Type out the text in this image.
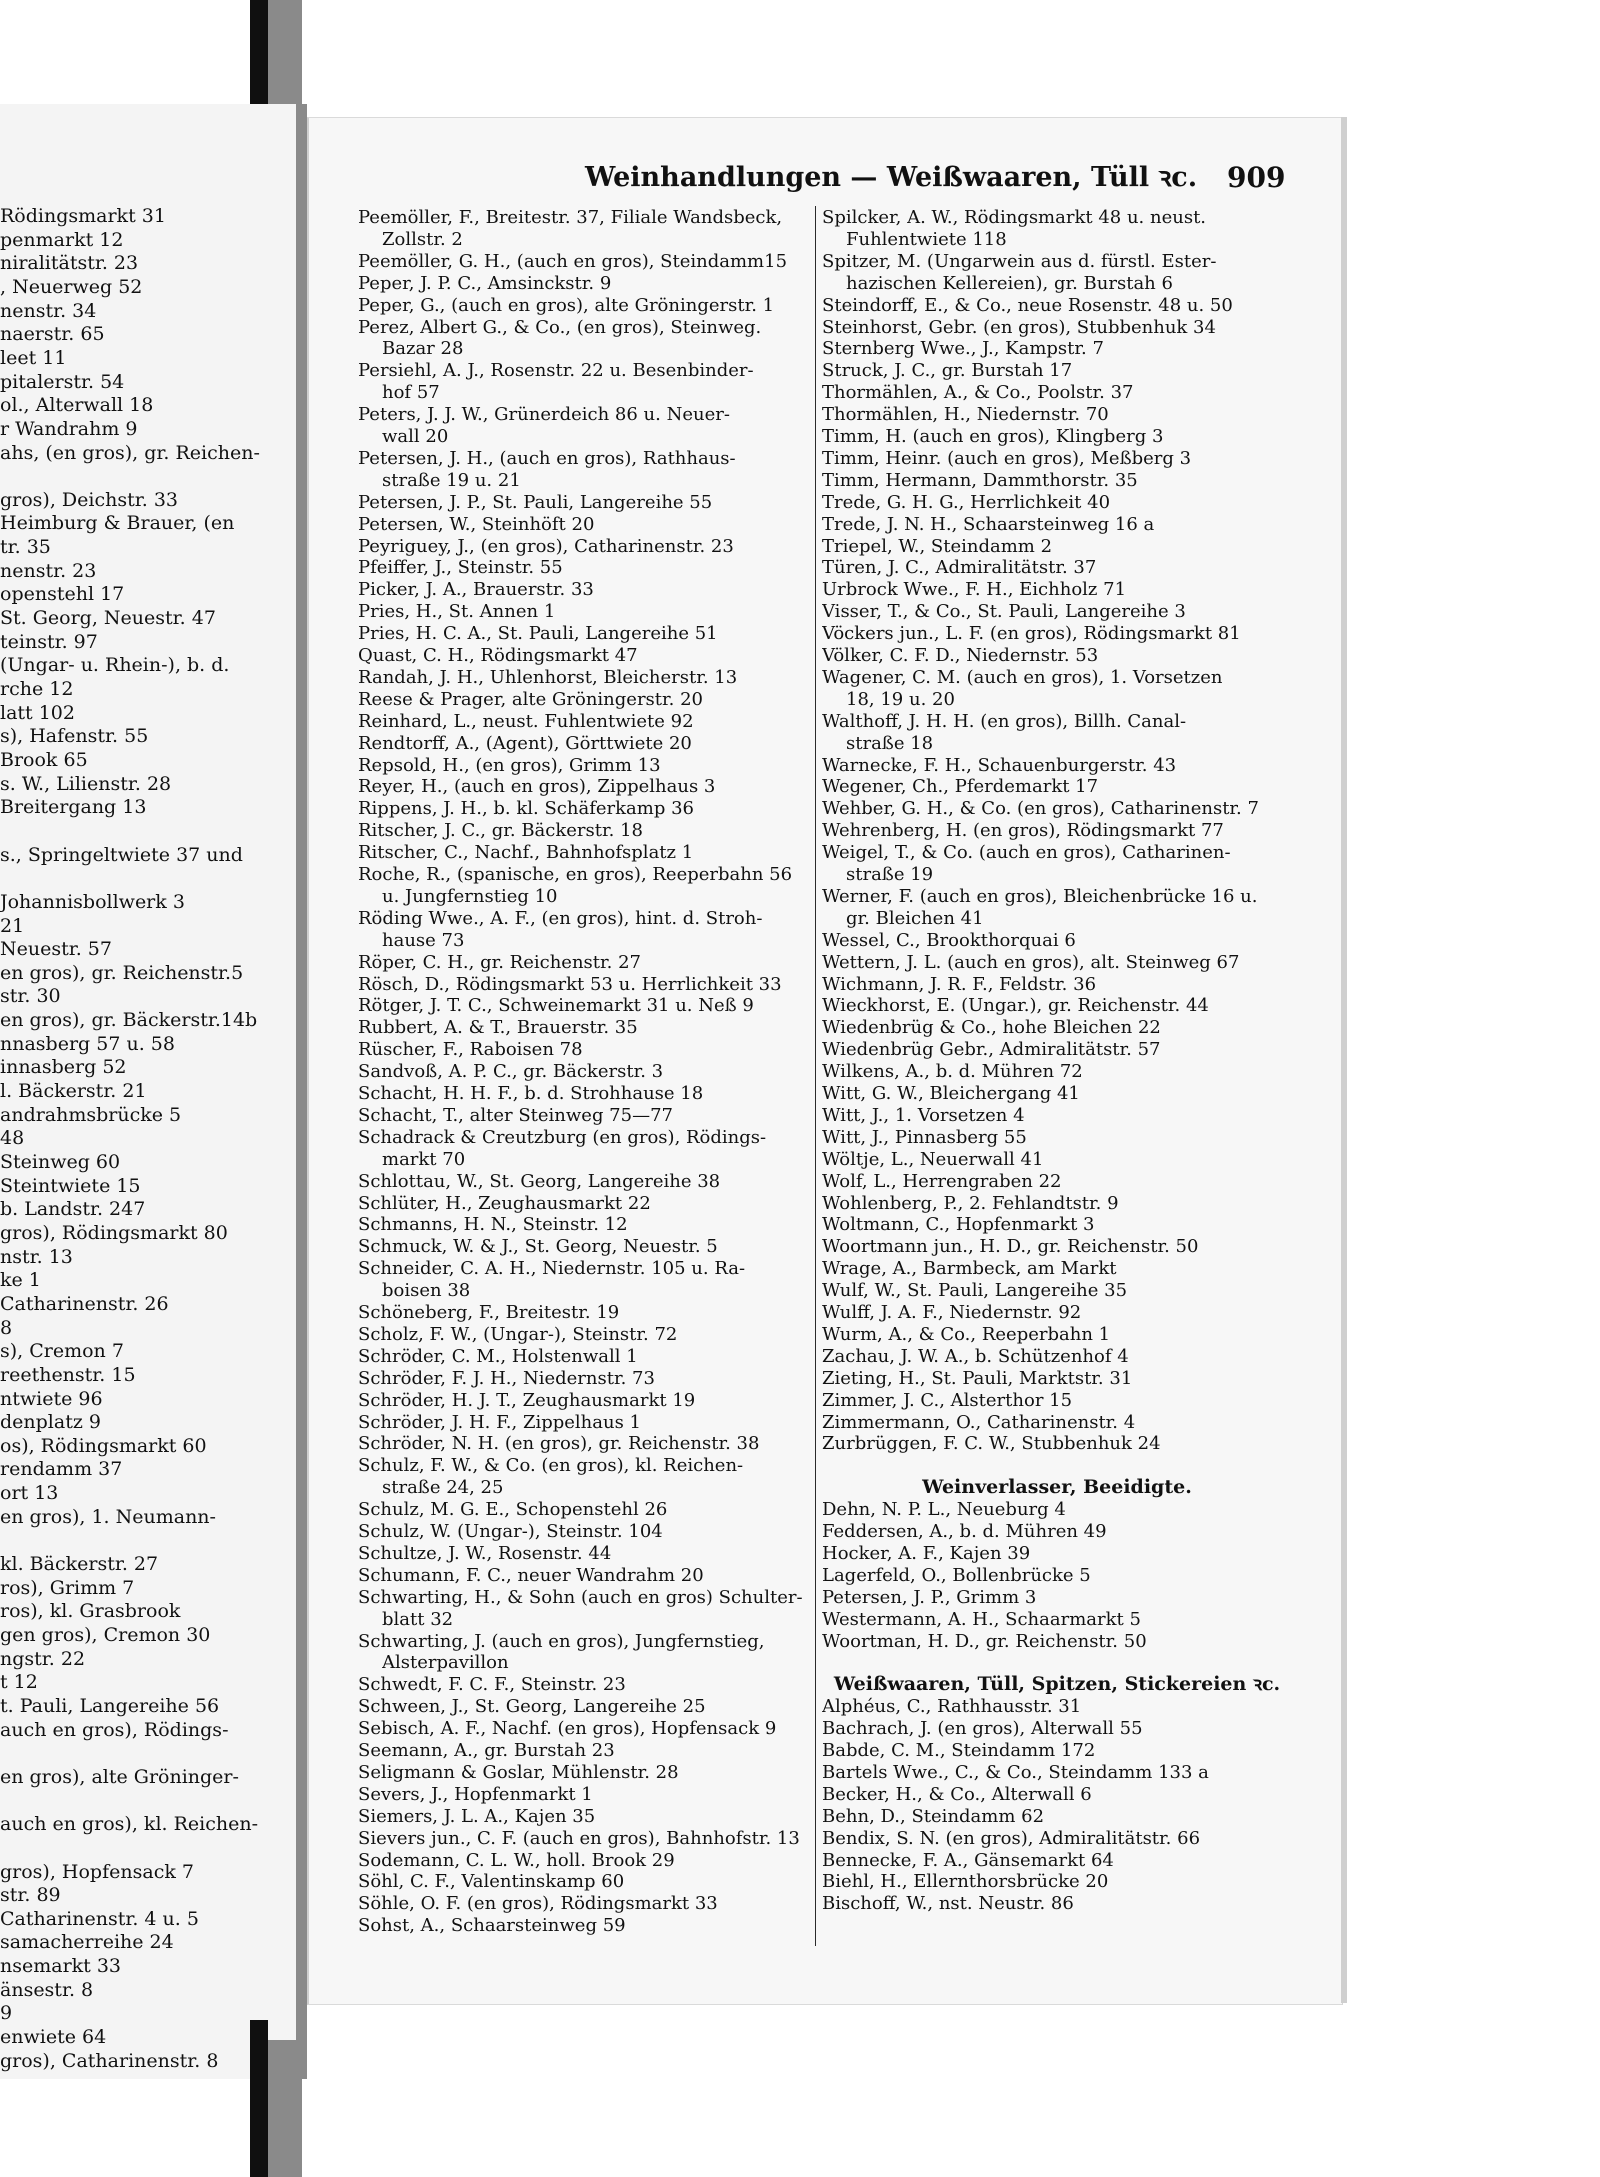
Rödingsmarkt 31
penmarkt 12
niralitätstr. 23
, Neuerweg 52
nenstr. 34
naerstr. 65
leet 11
pitalerstr. 54
ol., Alterwall 18
r Wandrahm 9
ahs, (en gros), gr. Reichen-
gros), Deichstr. 33
Heimburg & Brauer, (en
tr. 35
nenstr. 23
openstehl 17
St. Georg, Neuestr. 47
teinstr. 97
(Ungar- u. Rhein-), b. d.
rche 12
latt 102
s), Hafenstr. 55
Brook 65
s. W., Lilienstr. 28
Breitergang 13
s., Springeltwiete 37 und
Johannisbollwerk 3
21
Neuestr. 57
en gros), gr. Reichenstr.5
str. 30
en gros), gr. Bäckerstr.14b
nnasberg 57 u. 58
innasberg 52
l. Bäckerstr. 21
andrahmsbrücke 5
48
Steinweg 60
Steintwiete 15
b. Landstr. 247
gros), Rödingsmarkt 80
nstr. 13
ke 1
Catharinenstr. 26
8
s), Cremon 7
reethenstr. 15
ntwiete 96
denplatz 9
os), Rödingsmarkt 60
rendamm 37
ort 13
en gros), 1. Neumann-
kl. Bäckerstr. 27
ros), Grimm 7
ros), kl. Grasbrook
gen gros), Cremon 30
ngstr. 22
t 12
t. Pauli, Langereihe 56
auch en gros), Rödings-
en gros), alte Gröninger-
auch en gros), kl. Reichen-
gros), Hopfensack 7
str. 89
Catharinenstr. 4 u. 5
samacherreihe 24
nsemarkt 33
änsestr. 8
9
enwiete 64
gros), Catharinenstr. 8
Weinhandlungen — Weißwaaren, Tüll ꝛc. 909
Peemöller, F., Breitestr. 37, Filiale Wandsbeck,
Zollstr. 2
Peemöller, G. H., (auch en gros), Steindamm15
Peper, J. P. C., Amsinckstr. 9
Peper, G., (auch en gros), alte Gröningerstr. 1
Perez, Albert G., & Co., (en gros), Steinweg.
Bazar 28
Persiehl, A. J., Rosenstr. 22 u. Besenbinder-
hof 57
Peters, J. J. W., Grünerdeich 86 u. Neuer-
wall 20
Petersen, J. H., (auch en gros), Rathhaus-
straße 19 u. 21
Petersen, J. P., St. Pauli, Langereihe 55
Petersen, W., Steinhöft 20
Peyriguey, J., (en gros), Catharinenstr. 23
Pfeiffer, J., Steinstr. 55
Picker, J. A., Brauerstr. 33
Pries, H., St. Annen 1
Pries, H. C. A., St. Pauli, Langereihe 51
Quast, C. H., Rödingsmarkt 47
Randah, J. H., Uhlenhorst, Bleicherstr. 13
Reese & Prager, alte Gröningerstr. 20
Reinhard, L., neust. Fuhlentwiete 92
Rendtorff, A., (Agent), Görttwiete 20
Repsold, H., (en gros), Grimm 13
Reyer, H., (auch en gros), Zippelhaus 3
Rippens, J. H., b. kl. Schäferkamp 36
Ritscher, J. C., gr. Bäckerstr. 18
Ritscher, C., Nachf., Bahnhofsplatz 1
Roche, R., (spanische, en gros), Reeperbahn 56
u. Jungfernstieg 10
Röding Wwe., A. F., (en gros), hint. d. Stroh-
hause 73
Röper, C. H., gr. Reichenstr. 27
Rösch, D., Rödingsmarkt 53 u. Herrlichkeit 33
Rötger, J. T. C., Schweinemarkt 31 u. Neß 9
Rubbert, A. & T., Brauerstr. 35
Rüscher, F., Raboisen 78
Sandvoß, A. P. C., gr. Bäckerstr. 3
Schacht, H. H. F., b. d. Strohhause 18
Schacht, T., alter Steinweg 75—77
Schadrack & Creutzburg (en gros), Rödings-
markt 70
Schlottau, W., St. Georg, Langereihe 38
Schlüter, H., Zeughausmarkt 22
Schmanns, H. N., Steinstr. 12
Schmuck, W. & J., St. Georg, Neuestr. 5
Schneider, C. A. H., Niedernstr. 105 u. Ra-
boisen 38
Schöneberg, F., Breitestr. 19
Scholz, F. W., (Ungar-), Steinstr. 72
Schröder, C. M., Holstenwall 1
Schröder, F. J. H., Niedernstr. 73
Schröder, H. J. T., Zeughausmarkt 19
Schröder, J. H. F., Zippelhaus 1
Schröder, N. H. (en gros), gr. Reichenstr. 38
Schulz, F. W., & Co. (en gros), kl. Reichen-
straße 24, 25
Schulz, M. G. E., Schopenstehl 26
Schulz, W. (Ungar-), Steinstr. 104
Schultze, J. W., Rosenstr. 44
Schumann, F. C., neuer Wandrahm 20
Schwarting, H., & Sohn (auch en gros) Schulter-
blatt 32
Schwarting, J. (auch en gros), Jungfernstieg,
Alsterpavillon
Schwedt, F. C. F., Steinstr. 23
Schween, J., St. Georg, Langereihe 25
Sebisch, A. F., Nachf. (en gros), Hopfensack 9
Seemann, A., gr. Burstah 23
Seligmann & Goslar, Mühlenstr. 28
Severs, J., Hopfenmarkt 1
Siemers, J. L. A., Kajen 35
Sievers jun., C. F. (auch en gros), Bahnhofstr. 13
Sodemann, C. L. W., holl. Brook 29
Söhl, C. F., Valentinskamp 60
Söhle, O. F. (en gros), Rödingsmarkt 33
Sohst, A., Schaarsteinweg 59
Spilcker, A. W., Rödingsmarkt 48 u. neust.
Fuhlentwiete 118
Spitzer, M. (Ungarwein aus d. fürstl. Ester-
hazischen Kellereien), gr. Burstah 6
Steindorff, E., & Co., neue Rosenstr. 48 u. 50
Steinhorst, Gebr. (en gros), Stubbenhuk 34
Sternberg Wwe., J., Kampstr. 7
Struck, J. C., gr. Burstah 17
Thormählen, A., & Co., Poolstr. 37
Thormählen, H., Niedernstr. 70
Timm, H. (auch en gros), Klingberg 3
Timm, Heinr. (auch en gros), Meßberg 3
Timm, Hermann, Dammthorstr. 35
Trede, G. H. G., Herrlichkeit 40
Trede, J. N. H., Schaarsteinweg 16 a
Triepel, W., Steindamm 2
Türen, J. C., Admiralitätstr. 37
Urbrock Wwe., F. H., Eichholz 71
Visser, T., & Co., St. Pauli, Langereihe 3
Vöckers jun., L. F. (en gros), Rödingsmarkt 81
Völker, C. F. D., Niedernstr. 53
Wagener, C. M. (auch en gros), 1. Vorsetzen
18, 19 u. 20
Walthoff, J. H. H. (en gros), Billh. Canal-
straße 18
Warnecke, F. H., Schauenburgerstr. 43
Wegener, Ch., Pferdemarkt 17
Wehber, G. H., & Co. (en gros), Catharinenstr. 7
Wehrenberg, H. (en gros), Rödingsmarkt 77
Weigel, T., & Co. (auch en gros), Catharinen-
straße 19
Werner, F. (auch en gros), Bleichenbrücke 16 u.
gr. Bleichen 41
Wessel, C., Brookthorquai 6
Wettern, J. L. (auch en gros), alt. Steinweg 67
Wichmann, J. R. F., Feldstr. 36
Wieckhorst, E. (Ungar.), gr. Reichenstr. 44
Wiedenbrüg & Co., hohe Bleichen 22
Wiedenbrüg Gebr., Admiralitätstr. 57
Wilkens, A., b. d. Mühren 72
Witt, G. W., Bleichergang 41
Witt, J., 1. Vorsetzen 4
Witt, J., Pinnasberg 55
Wöltje, L., Neuerwall 41
Wolf, L., Herrengraben 22
Wohlenberg, P., 2. Fehlandtstr. 9
Woltmann, C., Hopfenmarkt 3
Woortmann jun., H. D., gr. Reichenstr. 50
Wrage, A., Barmbeck, am Markt
Wulf, W., St. Pauli, Langereihe 35
Wulff, J. A. F., Niedernstr. 92
Wurm, A., & Co., Reeperbahn 1
Zachau, J. W. A., b. Schützenhof 4
Zieting, H., St. Pauli, Marktstr. 31
Zimmer, J. C., Alsterthor 15
Zimmermann, O., Catharinenstr. 4
Zurbrüggen, F. C. W., Stubbenhuk 24
Weinverlasser, Beeidigte.
Dehn, N. P. L., Neueburg 4
Feddersen, A., b. d. Mühren 49
Hocker, A. F., Kajen 39
Lagerfeld, O., Bollenbrücke 5
Petersen, J. P., Grimm 3
Westermann, A. H., Schaarmarkt 5
Woortman, H. D., gr. Reichenstr. 50
Weißwaaren, Tüll, Spitzen, Stickereien ꝛc.
Alphéus, C., Rathhausstr. 31
Bachrach, J. (en gros), Alterwall 55
Babde, C. M., Steindamm 172
Bartels Wwe., C., & Co., Steindamm 133 a
Becker, H., & Co., Alterwall 6
Behn, D., Steindamm 62
Bendix, S. N. (en gros), Admiralitätstr. 66
Bennecke, F. A., Gänsemarkt 64
Biehl, H., Ellernthorsbrücke 20
Bischoff, W., nst. Neustr. 86
